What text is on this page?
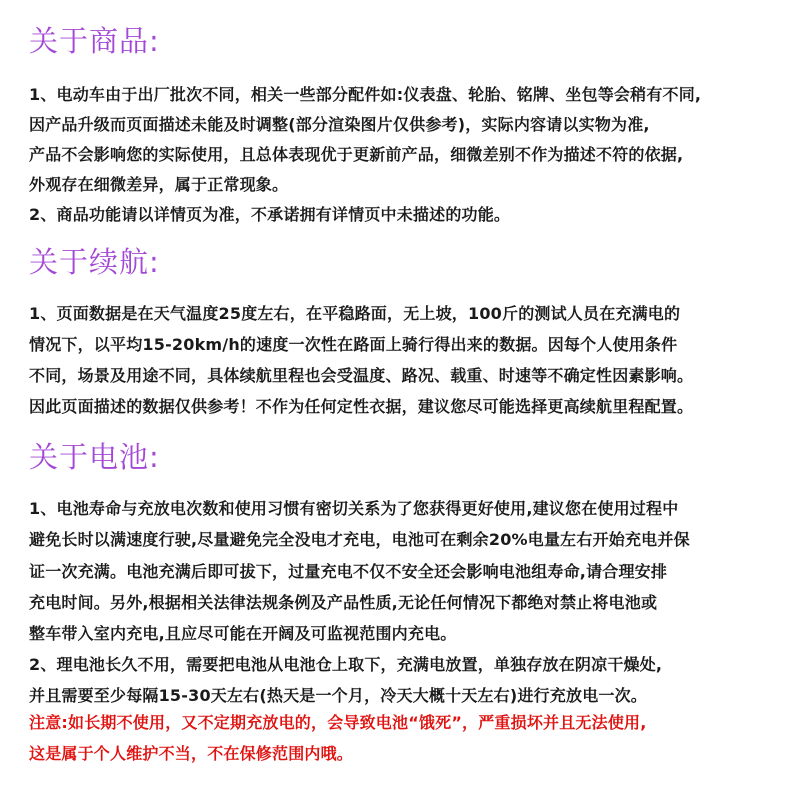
关于商品:
1、电动车由于出厂批次不同，相关一些部分配件如:仪表盘、轮胎、铭牌、坐包等会稍有不同,
因产品升级而页面描述未能及时调整(部分渲染图片仅供参考)，实际内容请以实物为准,
产品不会影响您的实际使用，且总体表现优于更新前产品，细微差别不作为描述不符的依据,
外观存在细微差异，属于正常现象。
2、商品功能请以详情页为准，不承诺拥有详情页中未描述的功能。
关于续航:
1、页面数据是在天气温度25度左右，在平稳路面，无上坡，100斤的测试人员在充满电的
情况下，以平均15-20km/h的速度一次性在路面上骑行得出来的数据。因每个人使用条件
不同，场景及用途不同，具体续航里程也会受温度、路况、载重、时速等不确定性因素影响。
因此页面描述的数据仅供参考！不作为任何定性衣据，建议您尽可能选择更高续航里程配置。
关于电池:
1、电池寿命与充放电次数和使用习惯有密切关系为了您获得更好使用,建议您在使用过程中
避免长时以满速度行驶,尽量避免完全没电才充电，电池可在剩余20%电量左右开始充电并保
证一次充满。电池充满后即可拔下，过量充电不仅不安全还会影响电池组寿命,请合理安排
充电时间。另外,根据相关法律法规条例及产品性质,无论任何情况下都绝对禁止将电池或
整车带入室内充电,且应尽可能在开阔及可监视范围内充电。
2、理电池长久不用，需要把电池从电池仓上取下，充满电放置，单独存放在阴凉干燥处,
并且需要至少每隔15-30天左右(热天是一个月，冷天大概十天左右)进行充放电一次。
注意:如长期不使用，又不定期充放电的，会导致电池“饿死”，严重损坏并且无法使用,
这是属于个人维护不当，不在保修范围内哦。
